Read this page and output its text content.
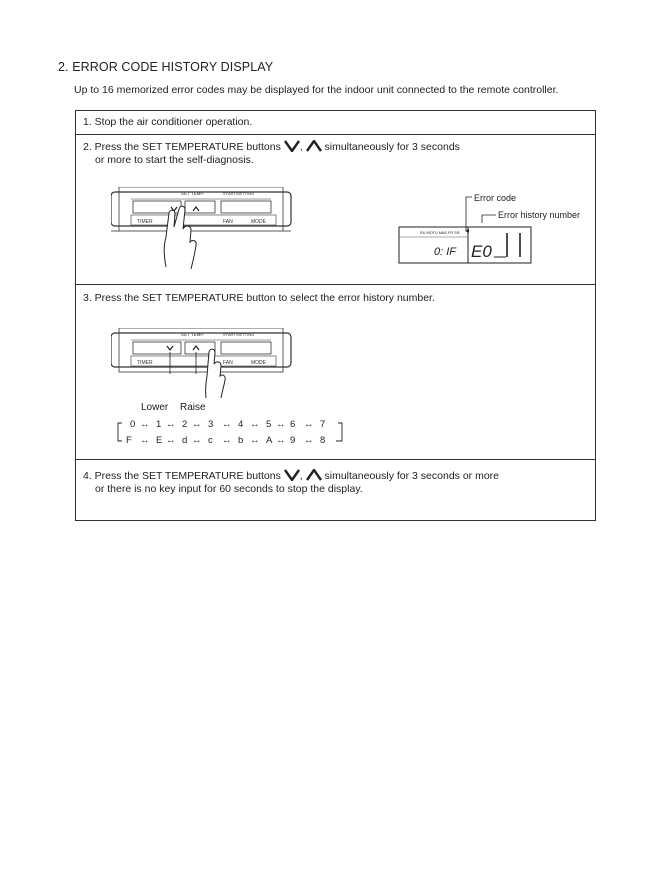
2. ERROR CODE HISTORY DISPLAY
Up to 16 memorized error codes may be displayed for the indoor unit connected to the remote controller.
1. Stop the air conditioner operation.
2. Press the SET TEMPERATURE buttons ,  simultaneously for 3 seconds
or more to start the self-diagnosis.
SET TEMP.	START/SETTING
TIMER	FAN	MODE
Error code
Error history number
RU MOTU MAE FR SR
0: IF E0
3. Press the SET TEMPERATURE button to select the error history number.
SET TEMP.	START/SETTING
TIMER	FAN	MODE
Lower Raise
0 ↔ 1 ↔ 2 ↔ 3 ↔ 4 ↔ 5 ↔ 6 ↔ 7
F ↔ E ↔ d ↔ c ↔ b ↔ A ↔ 9 ↔ 8
4. Press the SET TEMPERATURE buttons ,  simultaneously for 3 seconds or more
or there is no key input for 60 seconds to stop the display.
